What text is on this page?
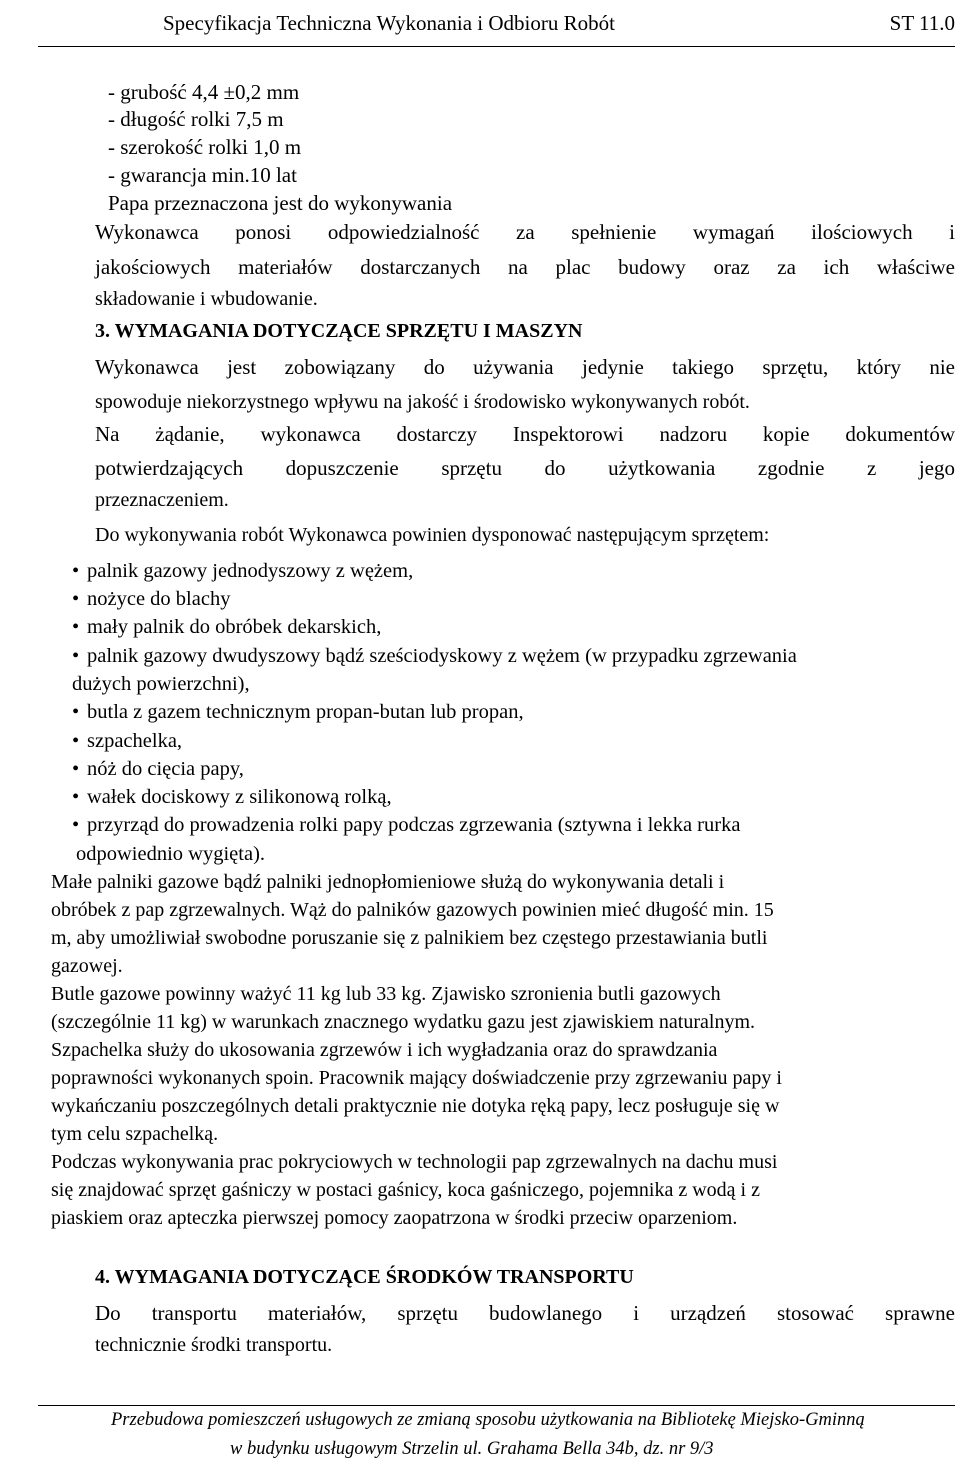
Specyfikacja Techniczna Wykonania i Odbioru Robót	ST 11.0
- grubość 4,4 ±0,2 mm
- długość rolki 7,5 m
- szerokość rolki 1,0 m
- gwarancja min.10 lat
Papa przeznaczona jest do wykonywania
Wykonawca ponosi odpowiedzialność za spełnienie wymagań ilościowych i
jakościowych materiałów dostarczanych na plac budowy oraz za ich właściwe
składowanie i wbudowanie.
3. WYMAGANIA DOTYCZĄCE SPRZĘTU I MASZYN
Wykonawca jest zobowiązany do używania jedynie takiego sprzętu, który nie
spowoduje niekorzystnego wpływu na jakość i środowisko wykonywanych robót.
Na żądanie, wykonawca dostarczy Inspektorowi nadzoru kopie dokumentów
potwierdzających dopuszczenie sprzętu do użytkowania zgodnie z jego
przeznaczeniem.
Do wykonywania robót Wykonawca powinien dysponować następującym sprzętem:
• palnik gazowy jednodyszowy z wężem,
• nożyce do blachy
• mały palnik do obróbek dekarskich,
• palnik gazowy dwudyszowy bądź sześciodyskowy z wężem (w przypadku zgrzewania
dużych powierzchni),
• butla z gazem technicznym propan-butan lub propan,
• szpachelka,
• nóż do cięcia papy,
• wałek dociskowy z silikonową rolką,
• przyrząd do prowadzenia rolki papy podczas zgrzewania (sztywna i lekka rurka
odpowiednio wygięta).
Małe palniki gazowe bądź palniki jednopłomieniowe służą do wykonywania detali i
obróbek z pap zgrzewalnych. Wąż do palników gazowych powinien mieć długość min. 15
m, aby umożliwiał swobodne poruszanie się z palnikiem bez częstego przestawiania butli
gazowej.
Butle gazowe powinny ważyć 11 kg lub 33 kg. Zjawisko szronienia butli gazowych
(szczególnie 11 kg) w warunkach znacznego wydatku gazu jest zjawiskiem naturalnym.
Szpachelka służy do ukosowania zgrzewów i ich wygładzania oraz do sprawdzania
poprawności wykonanych spoin. Pracownik mający doświadczenie przy zgrzewaniu papy i
wykańczaniu poszczególnych detali praktycznie nie dotyka ręką papy, lecz posługuje się w
tym celu szpachelką.
Podczas wykonywania prac pokryciowych w technologii pap zgrzewalnych na dachu musi
się znajdować sprzęt gaśniczy w postaci gaśnicy, koca gaśniczego, pojemnika z wodą i z
piaskiem oraz apteczka pierwszej pomocy zaopatrzona w środki przeciw oparzeniom.
4. WYMAGANIA DOTYCZĄCE ŚRODKÓW TRANSPORTU
Do transportu materiałów, sprzętu budowlanego i urządzeń stosować sprawne
technicznie środki transportu.
Przebudowa pomieszczeń usługowych ze zmianą sposobu użytkowania na Bibliotekę Miejsko-Gminną
w budynku usługowym Strzelin ul. Grahama Bella 34b, dz. nr 9/3
